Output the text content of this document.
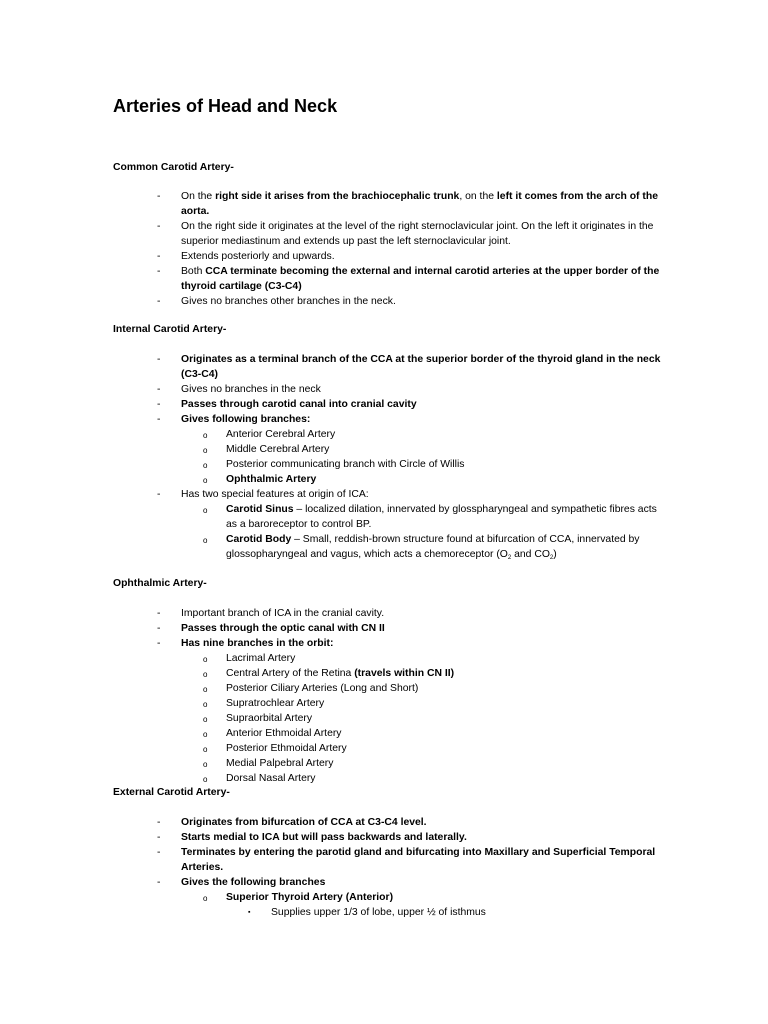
Arteries of Head and Neck
Common Carotid Artery-
- On the right side it arises from the brachiocephalic trunk, on the left it comes from the arch of the
aorta.
- On the right side it originates at the level of the right sternoclavicular joint. On the left it originates in the
superior mediastinum and extends up past the left sternoclavicular joint.
- Extends posteriorly and upwards.
- Both CCA terminate becoming the external and internal carotid arteries at the upper border of the
thyroid cartilage (C3-C4)
- Gives no branches other branches in the neck.
Internal Carotid Artery-
- Originates as a terminal branch of the CCA at the superior border of the thyroid gland in the neck
(C3-C4)
- Gives no branches in the neck
- Passes through carotid canal into cranial cavity
- Gives following branches:
o Anterior Cerebral Artery
o Middle Cerebral Artery
o Posterior communicating branch with Circle of Willis
o Ophthalmic Artery
- Has two special features at origin of ICA:
o Carotid Sinus – localized dilation, innervated by glosspharyngeal and sympathetic fibres acts
as a baroreceptor to control BP.
o Carotid Body – Small, reddish-brown structure found at bifurcation of CCA, innervated by
glossopharyngeal and vagus, which acts a chemoreceptor ($O_2$ and $CO_2$)
Ophthalmic Artery-
- Important branch of ICA in the cranial cavity.
- Passes through the optic canal with CN II
- Has nine branches in the orbit:
o Lacrimal Artery
o Central Artery of the Retina (travels within CN II)
o Posterior Ciliary Arteries (Long and Short)
o Supratrochlear Artery
o Supraorbital Artery
o Anterior Ethmoidal Artery
o Posterior Ethmoidal Artery
o Medial Palpebral Artery
o Dorsal Nasal Artery
External Carotid Artery-
- Originates from bifurcation of CCA at C3-C4 level.
- Starts medial to ICA but will pass backwards and laterally.
- Terminates by entering the parotid gland and bifurcating into Maxillary and Superficial Temporal
Arteries.
- Gives the following branches
o Superior Thyroid Artery (Anterior)
▪ Supplies upper 1/3 of lobe, upper ½ of isthmus
